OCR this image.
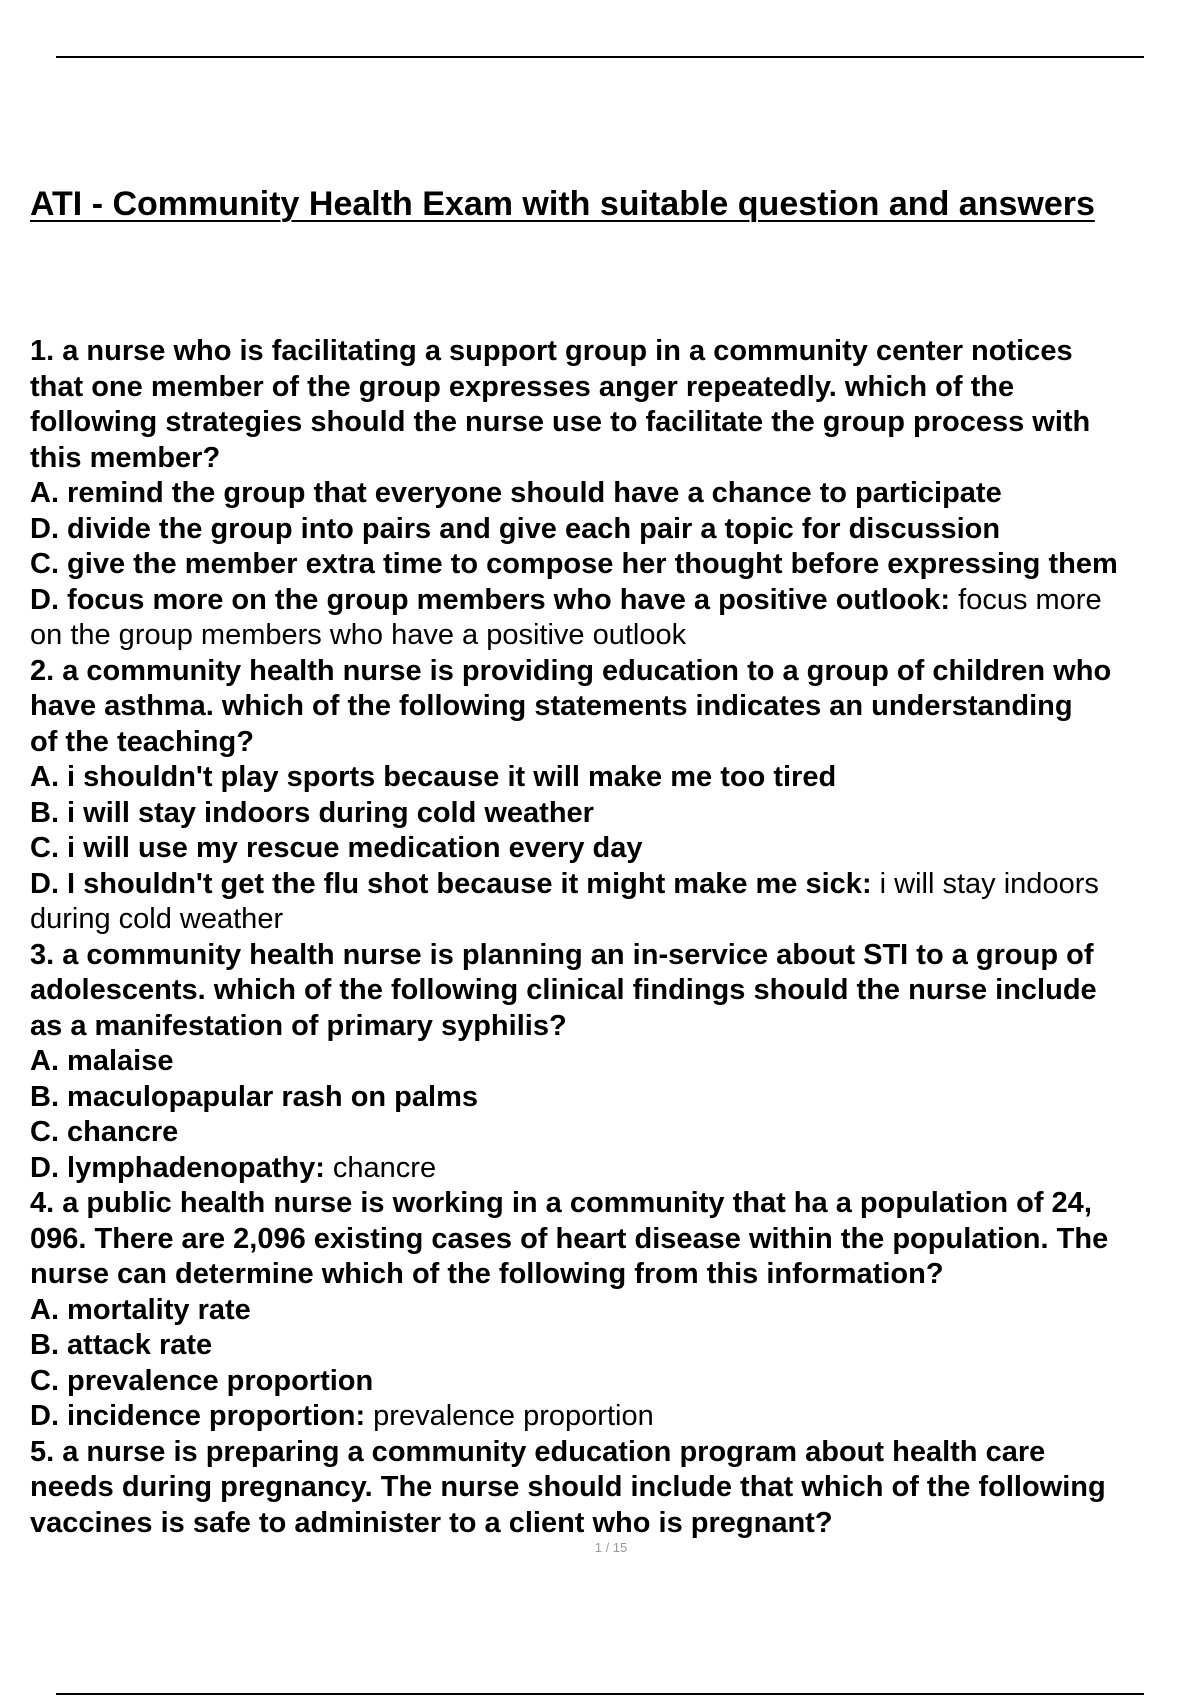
ATI - Community Health Exam with suitable question and answers
1. a nurse who is facilitating a support group in a community center notices
that one member of the group expresses anger repeatedly. which of the
following strategies should the nurse use to facilitate the group process with
this member?
A. remind the group that everyone should have a chance to participate
D. divide the group into pairs and give each pair a topic for discussion
C. give the member extra time to compose her thought before expressing them
D. focus more on the group members who have a positive outlook: focus more
on the group members who have a positive outlook
2. a community health nurse is providing education to a group of children who
have asthma. which of the following statements indicates an understanding
of the teaching?
A. i shouldn't play sports because it will make me too tired
B. i will stay indoors during cold weather
C. i will use my rescue medication every day
D. I shouldn't get the flu shot because it might make me sick: i will stay indoors
during cold weather
3. a community health nurse is planning an in-service about STI to a group of
adolescents. which of the following clinical findings should the nurse include
as a manifestation of primary syphilis?
A. malaise
B. maculopapular rash on palms
C. chancre
D. lymphadenopathy: chancre
4. a public health nurse is working in a community that ha a population of 24,
096. There are 2,096 existing cases of heart disease within the population. The
nurse can determine which of the following from this information?
A. mortality rate
B. attack rate
C. prevalence proportion
D. incidence proportion: prevalence proportion
5. a nurse is preparing a community education program about health care
needs during pregnancy. The nurse should include that which of the following
vaccines is safe to administer to a client who is pregnant?
1 / 15
